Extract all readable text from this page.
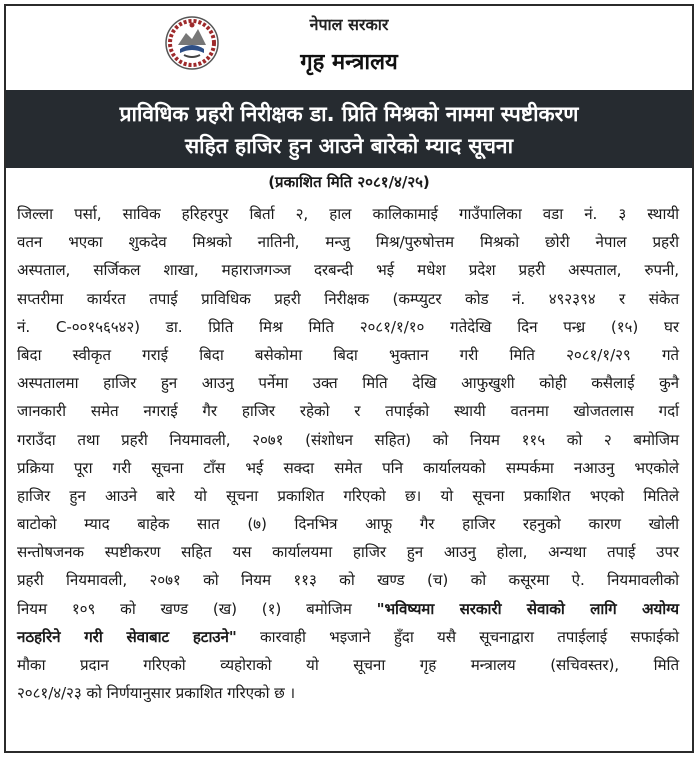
नेपाल सरकार
गृह मन्त्रालय
प्राविधिक प्रहरी निरीक्षक डा. प्रिति मिश्रको नाममा स्पष्टीकरण
सहित हाजिर हुन आउने बारेको म्याद सूचना
(प्रकाशित मिति २०८१/४/२५)
जिल्ला पर्सा, साविक हरिहरपुर बिर्ता २, हाल कालिकामाई गाउँपालिका वडा नं. ३ स्थायी
वतन भएका शुकदेव मिश्रको नातिनी, मन्जु मिश्र/पुरुषोत्तम मिश्रको छोरी नेपाल प्रहरी
अस्पताल, सर्जिकल शाखा, महाराजगञ्ज दरबन्दी भई मधेश प्रदेश प्रहरी अस्पताल, रुपनी,
सप्तरीमा कार्यरत तपाई प्राविधिक प्रहरी निरीक्षक (कम्प्युटर कोड नं. ४९२३९४ र संकेत
नं. C-००१५६५४२) डा. प्रिति मिश्र मिति २०८१/१/१० गतेदेखि दिन पन्ध्र (१५) घर
बिदा स्वीकृत गराई बिदा बसेकोमा बिदा भुक्तान गरी मिति २०८१/१/२९ गते
अस्पतालमा हाजिर हुन आउनु पर्नेमा उक्त मिति देखि आफुखुशी कोही कसैलाई कुनै
जानकारी समेत नगराई गैर हाजिर रहेको र तपाईको स्थायी वतनमा खोजतलास गर्दा
गराउँदा तथा प्रहरी नियमावली, २०७१ (संशोधन सहित) को नियम ११५ को २ बमोजिम
प्रक्रिया पूरा गरी सूचना टाँस भई सक्दा समेत पनि कार्यालयको सम्पर्कमा नआउनु भएकोले
हाजिर हुन आउने बारे यो सूचना प्रकाशित गरिएको छ। यो सूचना प्रकाशित भएको मितिले
बाटोको म्याद बाहेक सात (७) दिनभित्र आफू गैर हाजिर रहनुको कारण खोली
सन्तोषजनक स्पष्टीकरण सहित यस कार्यालयमा हाजिर हुन आउनु होला, अन्यथा तपाई उपर
प्रहरी नियमावली, २०७१ को नियम ११३ को खण्ड (च) को कसूरमा ऐ. नियमावलीको
नियम १०९ को खण्ड (ख) (१) बमोजिम "भविष्यमा सरकारी सेवाको लागि अयोग्य
नठहरिने गरी सेवाबाट हटाउने" कारवाही भइजाने हुँदा यसै सूचनाद्वारा तपाईलाई सफाईको
मौका प्रदान गरिएको व्यहोराको यो सूचना गृह मन्त्रालय (सचिवस्तर), मिति
२०८१/४/२३ को निर्णयानुसार प्रकाशित गरिएको छ ।
